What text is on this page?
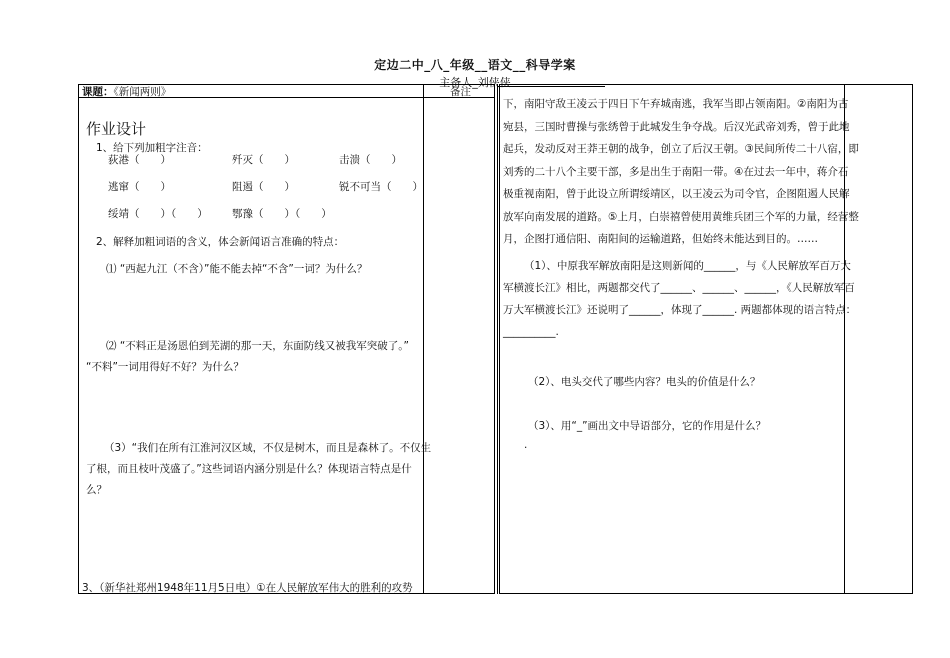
定边二中_八_年级__语文__科导学案
主备人_刘侠侠
课题：《新闻两则》	备注
作业设计
1、给下列加粗字注音：
荻港（　　）	歼灭（　　）	击溃（　　）
逃窜（　　）	阻遏（　　）	锐不可当（　　）
绥靖（　　）（　　） 鄂豫（　　）（　　）
2、解释加粗词语的含义，体会新闻语言准确的特点：
⑴ “西起九江（不含）”能不能去掉“不含”一词？为什么？
⑵ “不料正是汤恩伯到芜湖的那一天，东面防线又被我军突破了。”
“不料”一词用得好不好？为什么？
（3）“我们在所有江淮河汉区域，不仅是树木，而且是森林了。不仅生
了根，而且枝叶茂盛了。”这些词语内涵分别是什么？体现语言特点是什
么？
3、（新华社郑州1948年11月5日电）①在人民解放军伟大的胜利的攻势
下，南阳守敌王凌云于四日下午弃城南逃，我军当即占领南阳。②南阳为古
宛县，三国时曹操与张绣曾于此城发生争夺战。后汉光武帝刘秀，曾于此地
起兵，发动反对王莽王朝的战争，创立了后汉王朝。③民间所传二十八宿，即
刘秀的二十八个主要干部，多是出生于南阳一带。④在过去一年中，蒋介石
极重视南阳，曾于此设立所谓绥靖区，以王凌云为司令官，企图阻遏人民解
放军向南发展的道路。⑤上月，白崇禧曾使用黄维兵团三个军的力量，经营整
月，企图打通信阳、南阳间的运输道路，但始终未能达到目的。……
（1）、中原我军解放南阳是这则新闻的______，与《人民解放军百万大
军横渡长江》相比，两题都交代了______、______、______，《人民解放军百
万大军横渡长江》还说明了______，体现了______. 两题都体现的语言特点：
__________.
（2）、电头交代了哪些内容？电头的价值是什么？
（3）、用“_”画出文中导语部分，它的作用是什么？
.
